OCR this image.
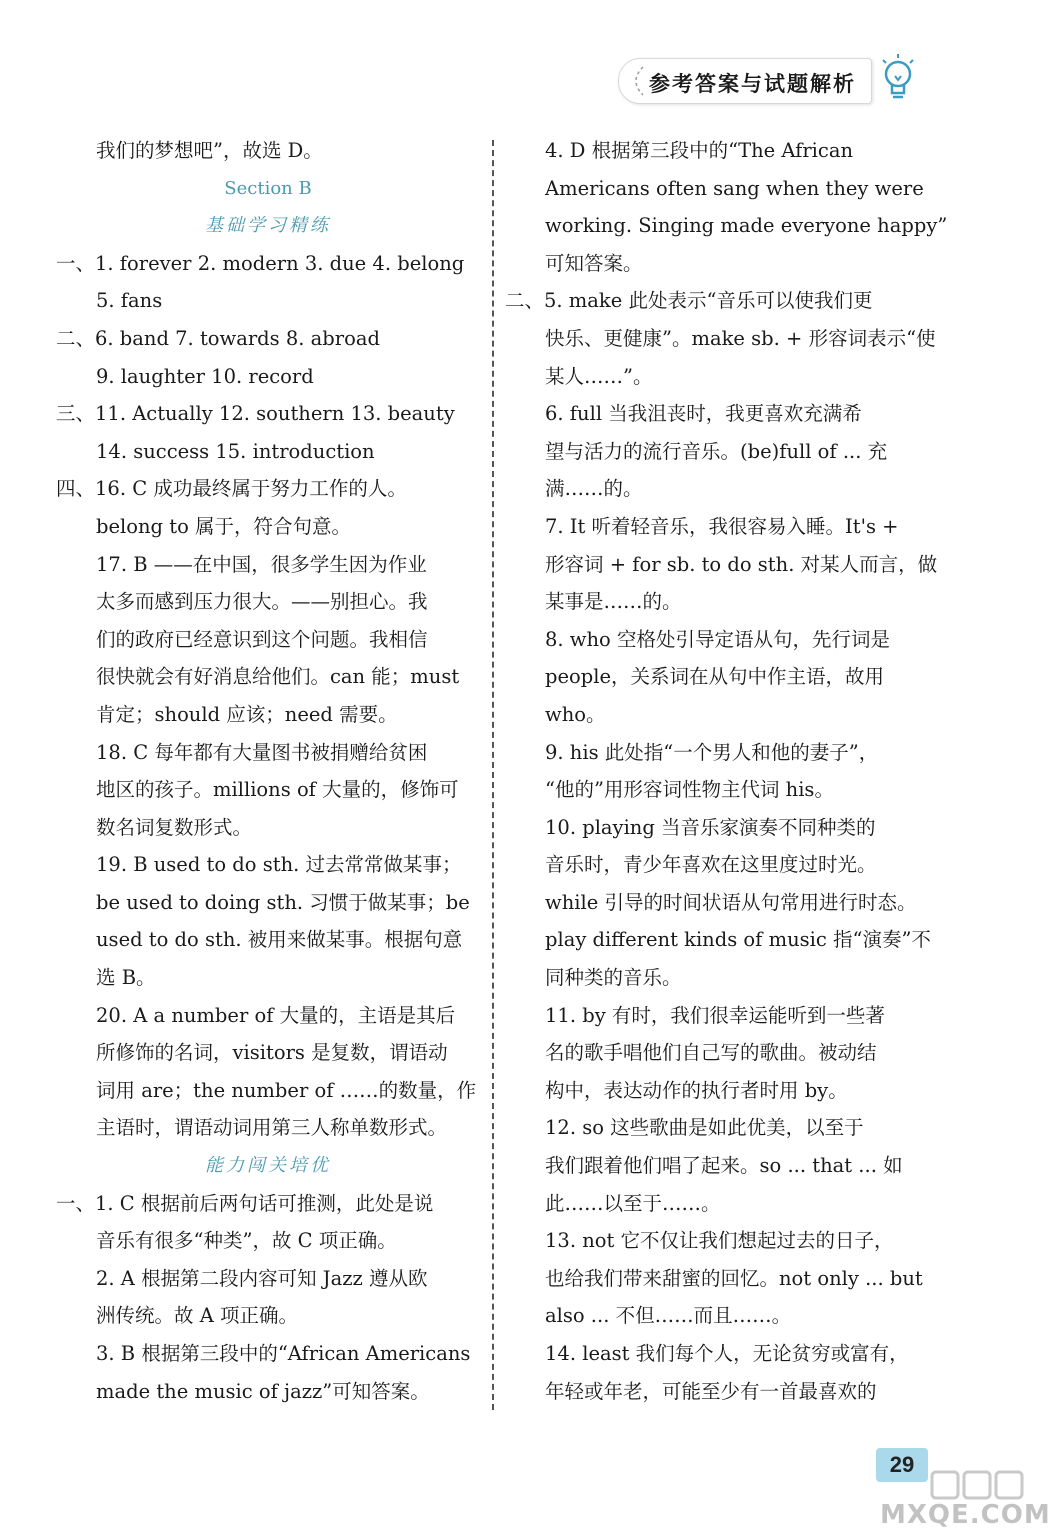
参考答案与试题解析
我们的梦想吧”，故选 D。
Section B
基础学习精练
一、1. forever 2. modern 3. due 4. belong
5. fans
二、6. band 7. towards 8. abroad
9. laughter 10. record
三、11. Actually 12. southern 13. beauty
14. success 15. introduction
四、16. C 成功最终属于努力工作的人。
belong to 属于，符合句意。
17. B ——在中国，很多学生因为作业
太多而感到压力很大。——别担心。我
们的政府已经意识到这个问题。我相信
很快就会有好消息给他们。can 能；must
肯定；should 应该；need 需要。
18. C 每年都有大量图书被捐赠给贫困
地区的孩子。millions of 大量的，修饰可
数名词复数形式。
19. B used to do sth. 过去常常做某事；
be used to doing sth. 习惯于做某事；be
used to do sth. 被用来做某事。根据句意
选 B。
20. A a number of 大量的，主语是其后
所修饰的名词，visitors 是复数，谓语动
词用 are；the number of ……的数量，作
主语时，谓语动词用第三人称单数形式。
能力闯关培优
一、1. C 根据前后两句话可推测，此处是说
音乐有很多“种类”，故 C 项正确。
2. A 根据第二段内容可知 Jazz 遵从欧
洲传统。故 A 项正确。
3. B 根据第三段中的“African Americans
made the music of jazz”可知答案。
4. D 根据第三段中的“The African
Americans often sang when they were
working. Singing made everyone happy”
可知答案。
二、5. make 此处表示“音乐可以使我们更
快乐、更健康”。make sb. + 形容词表示“使
某人……”。
6. full 当我沮丧时，我更喜欢充满希
望与活力的流行音乐。(be)full of ... 充
满……的。
7. It 听着轻音乐，我很容易入睡。It's +
形容词 + for sb. to do sth. 对某人而言，做
某事是……的。
8. who 空格处引导定语从句，先行词是
people，关系词在从句中作主语，故用
who。
9. his 此处指“一个男人和他的妻子”，
“他的”用形容词性物主代词 his。
10. playing 当音乐家演奏不同种类的
音乐时，青少年喜欢在这里度过时光。
while 引导的时间状语从句常用进行时态。
play different kinds of music 指“演奏”不
同种类的音乐。
11. by 有时，我们很幸运能听到一些著
名的歌手唱他们自己写的歌曲。被动结
构中，表达动作的执行者时用 by。
12. so 这些歌曲是如此优美，以至于
我们跟着他们唱了起来。so ... that ... 如
此……以至于……。
13. not 它不仅让我们想起过去的日子，
也给我们带来甜蜜的回忆。not only ... but
also ... 不但……而且……。
14. least 我们每个人，无论贫穷或富有，
年轻或年老，可能至少有一首最喜欢的
29
MXQE.COM
